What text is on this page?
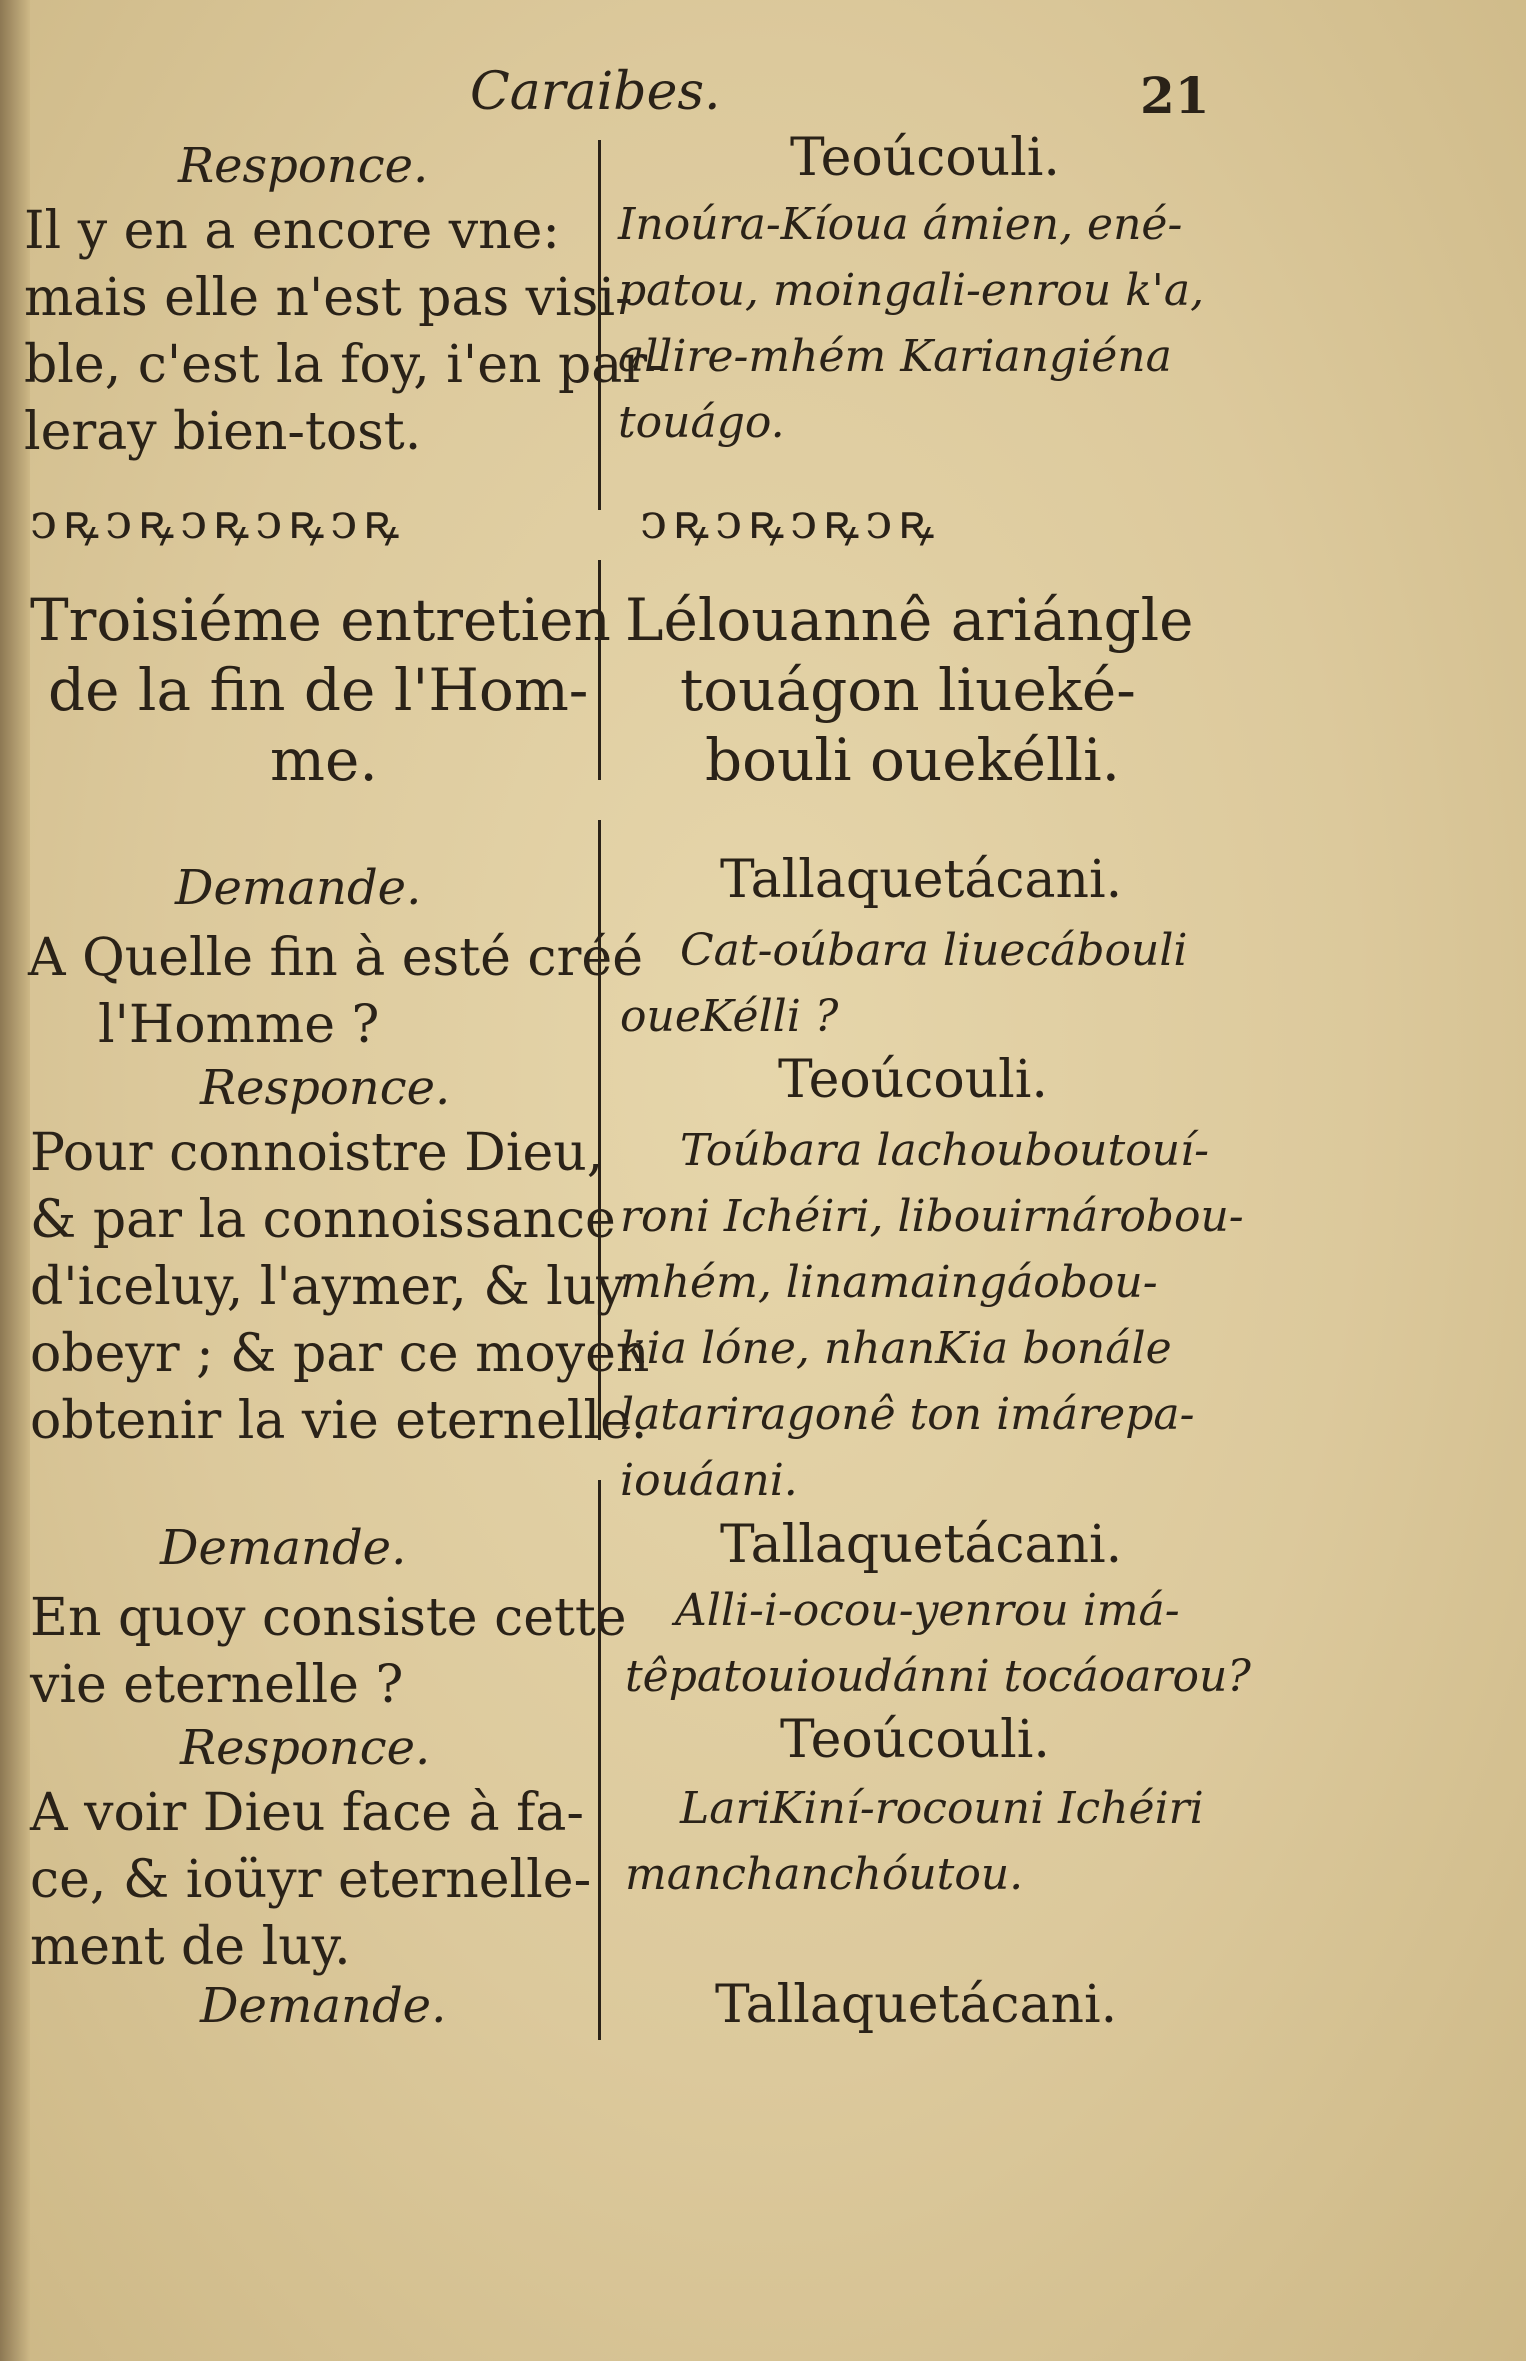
Caraibes.	21
Responce.
Il y en a encore vne:
mais elle n'est pas visi-
ble, c'est la foy, i'en par-
leray bien-tost.
ↄꝶↄꝶↄꝶↄꝶↄꝶ
Troisiéme entretien
de la fin de l'Hom-
me.
Demande.
A Quelle fin à esté créé
l'Homme ?
Responce.
Pour connoistre Dieu,
& par la connoissance
d'iceluy, l'aymer, & luy
obeyr ; & par ce moyen
obtenir la vie eternelle.
Demande.
En quoy consiste cette
vie eternelle ?
Responce.
A voir Dieu face à fa-
ce, & ioüyr eternelle-
ment de luy.
Demande.
Teoúcouli.
Inoúra-Kíoua ámien, ené-
patou, moingali-enrou k'a,
allire-mhém Kariangiéna
touágo.
ↄꝶↄꝶↄꝶↄꝶ
Lélouannê ariángle
touágon liueké-
bouli ouekélli.
Tallaquetácani.
Cat-oúbara liuecábouli
oueKélli ?
Teoúcouli.
Toúbara lachouboutouí-
roni Ichéiri, libouirnárobou-
mhém, linamaingáobou-
kia lóne, nhanKia bonále
latariragonê ton imárepa-
iouáani.
Tallaquetácani.
Alli-i-ocou-yenrou imá-
têpatouioudánni tocáoarou?
Teoúcouli.
LariKiní-rocouni Ichéiri
manchanchóutou.
Tallaquetácani.
